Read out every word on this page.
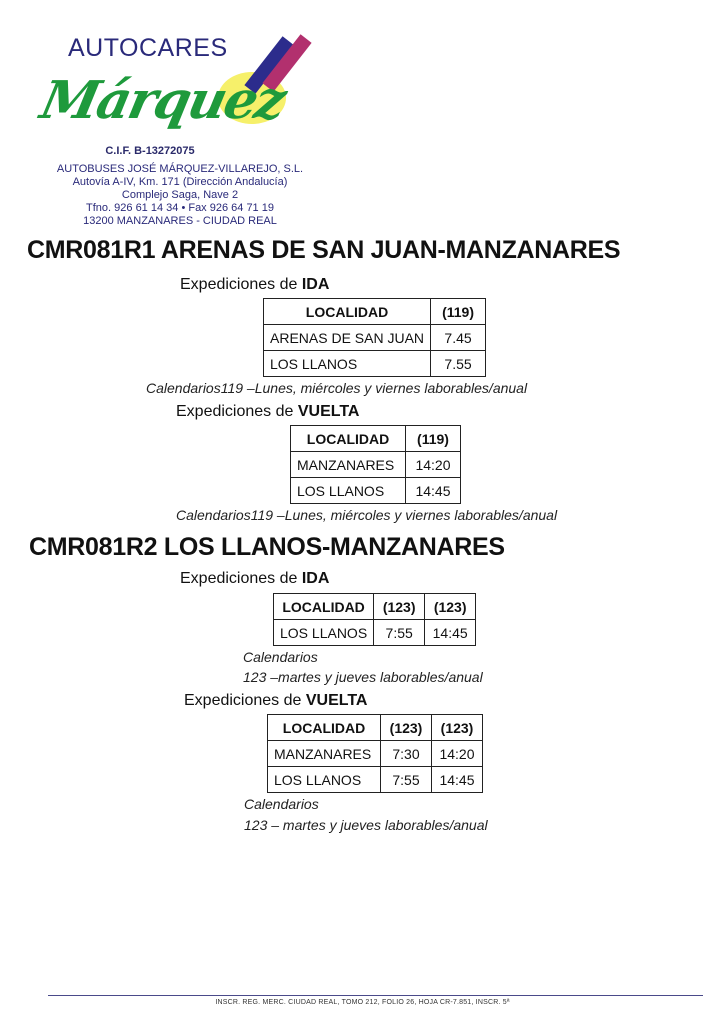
AUTOCARES
Márquez
C.I.F. B-13272075
AUTOBUSES JOSÉ MÁRQUEZ-VILLAREJO, S.L.
Autovía A-IV, Km. 171 (Dirección Andalucía)
Complejo Saga, Nave 2
Tfno. 926 61 14 34 • Fax 926 64 71 19
13200 MANZANARES - CIUDAD REAL
CMR081R1 ARENAS DE SAN JUAN-MANZANARES
Expediciones de IDA
LOCALIDAD	(119)
ARENAS DE SAN JUAN	7.45
LOS LLANOS	7.55
Calendarios119 –Lunes, miércoles y viernes laborables/anual
Expediciones de VUELTA
LOCALIDAD	(119)
MANZANARES	14:20
LOS LLANOS	14:45
Calendarios119 –Lunes, miércoles y viernes laborables/anual
CMR081R2 LOS LLANOS-MANZANARES
Expediciones de IDA
LOCALIDAD	(123)	(123)
LOS LLANOS	7:55	14:45
Calendarios
123 –martes y jueves laborables/anual
Expediciones de VUELTA
LOCALIDAD	(123)	(123)
MANZANARES	7:30	14:20
LOS LLANOS	7:55	14:45
Calendarios
123 – martes y jueves laborables/anual
INSCR. REG. MERC. CIUDAD REAL, TOMO 212, FOLIO 26, HOJA CR-7.851, INSCR. 5ª
